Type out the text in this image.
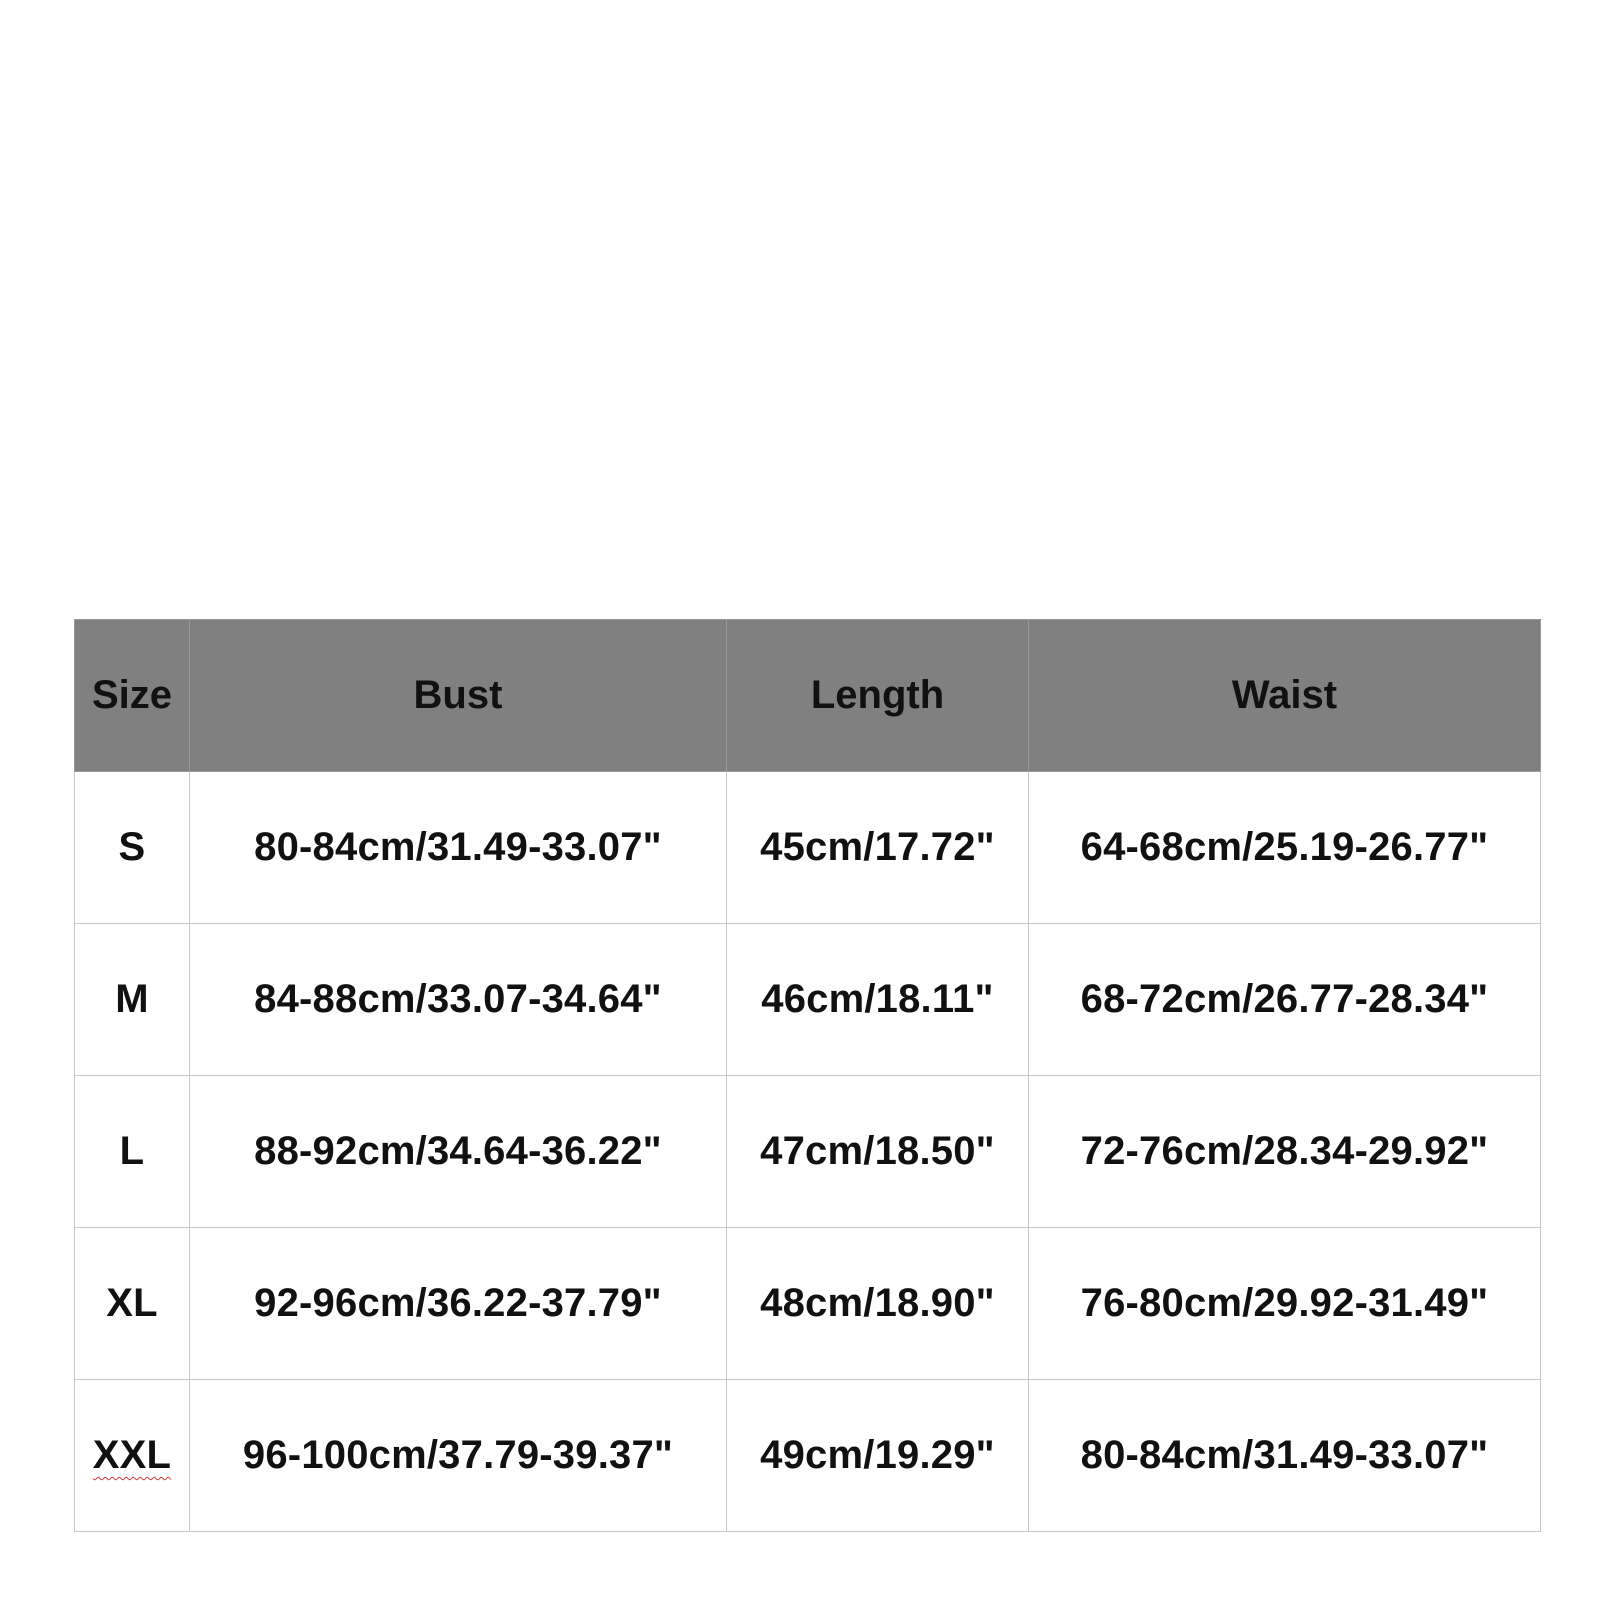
Size	Bust	Length	Waist
S	80-84cm/31.49-33.07"	45cm/17.72"	64-68cm/25.19-26.77"
M	84-88cm/33.07-34.64"	46cm/18.11"	68-72cm/26.77-28.34"
L	88-92cm/34.64-36.22"	47cm/18.50"	72-76cm/28.34-29.92"
XL	92-96cm/36.22-37.79"	48cm/18.90"	76-80cm/29.92-31.49"
XXL	96-100cm/37.79-39.37"	49cm/19.29"	80-84cm/31.49-33.07"
